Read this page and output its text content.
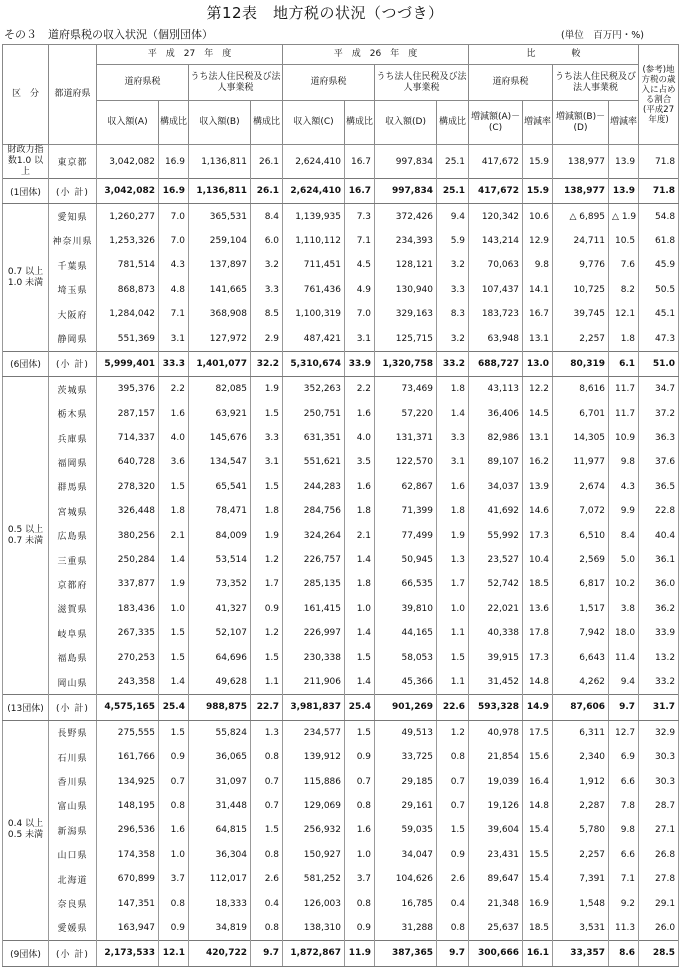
第12表　地方税の状況（つづき）
その３　道府県税の収入状況（個別団体）	(単位　百万円・%)
区　分	都道府県	平　成　27　年　度				平　成　26　年　度				比　　　　較				(参考)地方税の歳入に占める割合(平成27年度)
		道府県税		うち法人住民税及び法人事業税		道府県税		うち法人住民税及び法人事業税		道府県税		うち法人住民税及び法人事業税		
		収入額(A)	構成比	収入額(B)	構成比	収入額(C)	構成比	収入額(D)	構成比	増減額(A)－(C)	増減率	増減額(B)－(D)	増減率	
財政力指数1.0 以上	東京都	3,042,082	16.9	1,136,811	26.1	2,624,410	16.7	997,834	25.1	417,672	15.9	138,977	13.9	71.8
(1団体)	(小 計)	3,042,082	16.9	1,136,811	26.1	2,624,410	16.7	997,834	25.1	417,672	15.9	138,977	13.9	71.8
0.7 以上1.0 未満	愛知県	1,260,277	7.0	365,531	8.4	1,139,935	7.3	372,426	9.4	120,342	10.6	△ 6,895	△ 1.9	54.8
	神奈川県	1,253,326	7.0	259,104	6.0	1,110,112	7.1	234,393	5.9	143,214	12.9	24,711	10.5	61.8
	千葉県	781,514	4.3	137,897	3.2	711,451	4.5	128,121	3.2	70,063	9.8	9,776	7.6	45.9
	埼玉県	868,873	4.8	141,665	3.3	761,436	4.9	130,940	3.3	107,437	14.1	10,725	8.2	50.5
	大阪府	1,284,042	7.1	368,908	8.5	1,100,319	7.0	329,163	8.3	183,723	16.7	39,745	12.1	45.1
	静岡県	551,369	3.1	127,972	2.9	487,421	3.1	125,715	3.2	63,948	13.1	2,257	1.8	47.3
(6団体)	(小 計)	5,999,401	33.3	1,401,077	32.2	5,310,674	33.9	1,320,758	33.2	688,727	13.0	80,319	6.1	51.0
0.5 以上0.7 未満	茨城県	395,376	2.2	82,085	1.9	352,263	2.2	73,469	1.8	43,113	12.2	8,616	11.7	34.7
	栃木県	287,157	1.6	63,921	1.5	250,751	1.6	57,220	1.4	36,406	14.5	6,701	11.7	37.2
	兵庫県	714,337	4.0	145,676	3.3	631,351	4.0	131,371	3.3	82,986	13.1	14,305	10.9	36.3
	福岡県	640,728	3.6	134,547	3.1	551,621	3.5	122,570	3.1	89,107	16.2	11,977	9.8	37.6
	群馬県	278,320	1.5	65,541	1.5	244,283	1.6	62,867	1.6	34,037	13.9	2,674	4.3	36.5
	宮城県	326,448	1.8	78,471	1.8	284,756	1.8	71,399	1.8	41,692	14.6	7,072	9.9	22.8
	広島県	380,256	2.1	84,009	1.9	324,264	2.1	77,499	1.9	55,992	17.3	6,510	8.4	40.4
	三重県	250,284	1.4	53,514	1.2	226,757	1.4	50,945	1.3	23,527	10.4	2,569	5.0	36.1
	京都府	337,877	1.9	73,352	1.7	285,135	1.8	66,535	1.7	52,742	18.5	6,817	10.2	36.0
	滋賀県	183,436	1.0	41,327	0.9	161,415	1.0	39,810	1.0	22,021	13.6	1,517	3.8	36.2
	岐阜県	267,335	1.5	52,107	1.2	226,997	1.4	44,165	1.1	40,338	17.8	7,942	18.0	33.9
	福島県	270,253	1.5	64,696	1.5	230,338	1.5	58,053	1.5	39,915	17.3	6,643	11.4	13.2
	岡山県	243,358	1.4	49,628	1.1	211,906	1.4	45,366	1.1	31,452	14.8	4,262	9.4	33.2
(13団体)	(小 計)	4,575,165	25.4	988,875	22.7	3,981,837	25.4	901,269	22.6	593,328	14.9	87,606	9.7	31.7
0.4 以上0.5 未満	長野県	275,555	1.5	55,824	1.3	234,577	1.5	49,513	1.2	40,978	17.5	6,311	12.7	32.9
	石川県	161,766	0.9	36,065	0.8	139,912	0.9	33,725	0.8	21,854	15.6	2,340	6.9	30.3
	香川県	134,925	0.7	31,097	0.7	115,886	0.7	29,185	0.7	19,039	16.4	1,912	6.6	30.3
	富山県	148,195	0.8	31,448	0.7	129,069	0.8	29,161	0.7	19,126	14.8	2,287	7.8	28.7
	新潟県	296,536	1.6	64,815	1.5	256,932	1.6	59,035	1.5	39,604	15.4	5,780	9.8	27.1
	山口県	174,358	1.0	36,304	0.8	150,927	1.0	34,047	0.9	23,431	15.5	2,257	6.6	26.8
	北海道	670,899	3.7	112,017	2.6	581,252	3.7	104,626	2.6	89,647	15.4	7,391	7.1	27.8
	奈良県	147,351	0.8	18,333	0.4	126,003	0.8	16,785	0.4	21,348	16.9	1,548	9.2	29.1
	愛媛県	163,947	0.9	34,819	0.8	138,310	0.9	31,288	0.8	25,637	18.5	3,531	11.3	26.0
(9団体)	(小 計)	2,173,533	12.1	420,722	9.7	1,872,867	11.9	387,365	9.7	300,666	16.1	33,357	8.6	28.5
